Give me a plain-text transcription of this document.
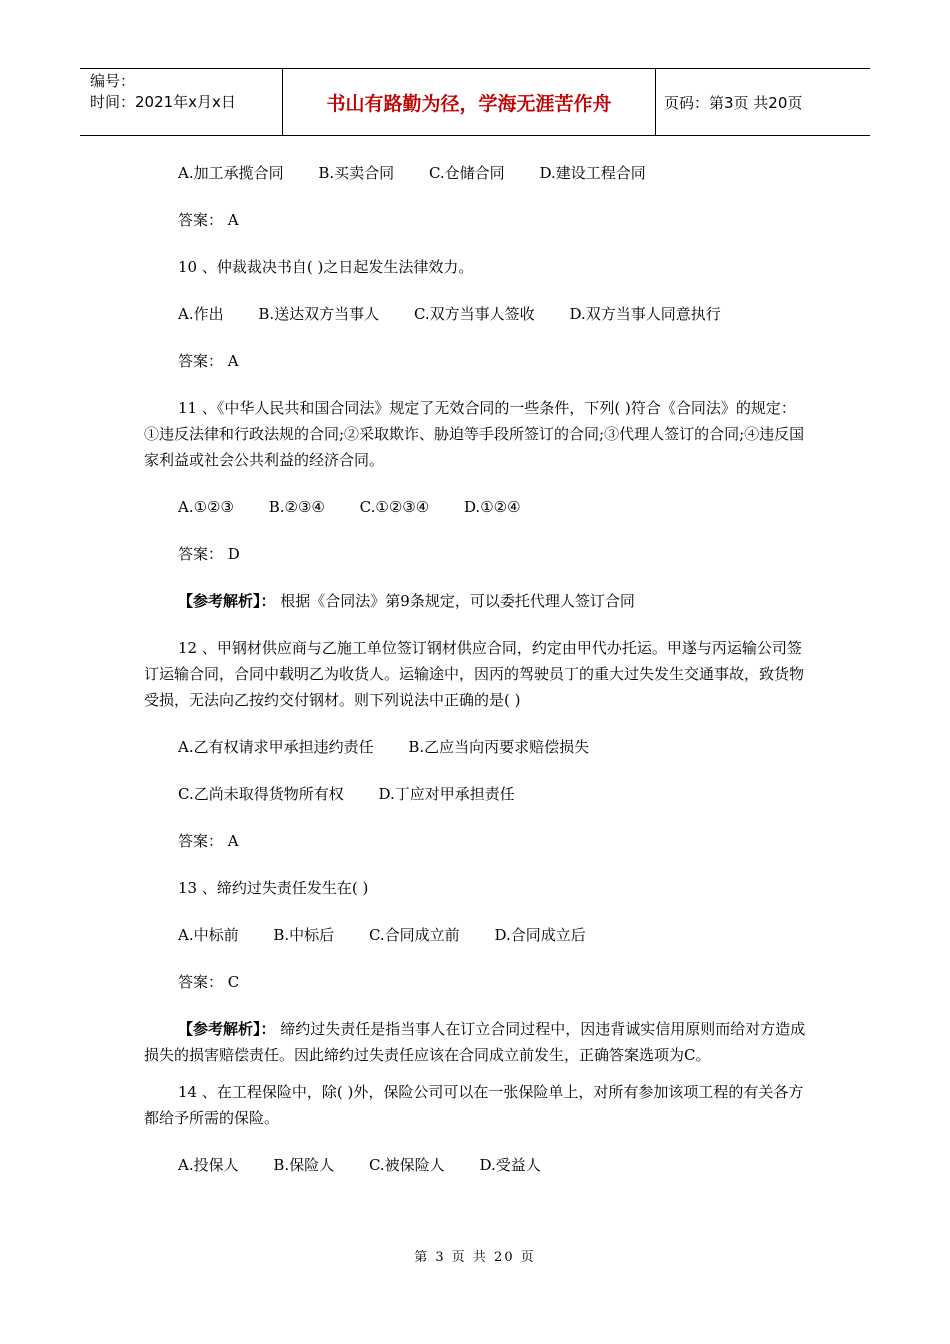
编号：
时间：2021年x月x日	书山有路勤为径，学海无涯苦作舟	页码：第3页 共20页
A.加工承揽合同 B.买卖合同 C.仓储合同 D.建设工程合同
答案： A
10 、仲裁裁决书自( )之日起发生法律效力。
A.作出 B.送达双方当事人 C.双方当事人签收 D.双方当事人同意执行
答案： A
11 、《中华人民共和国合同法》规定了无效合同的一些条件，下列( )符合《合同法》的规定：①违反法律和行政法规的合同;②采取欺诈、胁迫等手段所签订的合同;③代理人签订的合同;④违反国家利益或社会公共利益的经济合同。
A.①②③ B.②③④ C.①②③④ D.①②④
答案： D
【参考解析】： 根据《合同法》第9条规定，可以委托代理人签订合同
12 、甲钢材供应商与乙施工单位签订钢材供应合同，约定由甲代办托运。甲遂与丙运输公司签订运输合同，合同中载明乙为收货人。运输途中，因丙的驾驶员丁的重大过失发生交通事故，致货物受损，无法向乙按约交付钢材。则下列说法中正确的是( )
A.乙有权请求甲承担违约责任 B.乙应当向丙要求赔偿损失
C.乙尚未取得货物所有权 D.丁应对甲承担责任
答案： A
13 、缔约过失责任发生在( )
A.中标前 B.中标后 C.合同成立前 D.合同成立后
答案： C
【参考解析】： 缔约过失责任是指当事人在订立合同过程中，因违背诚实信用原则而给对方造成损失的损害赔偿责任。因此缔约过失责任应该在合同成立前发生，正确答案选项为C。
14 、在工程保险中，除( )外，保险公司可以在一张保险单上，对所有参加该项工程的有关各方都给予所需的保险。
A.投保人 B.保险人 C.被保险人 D.受益人
第 3 页 共 20 页
